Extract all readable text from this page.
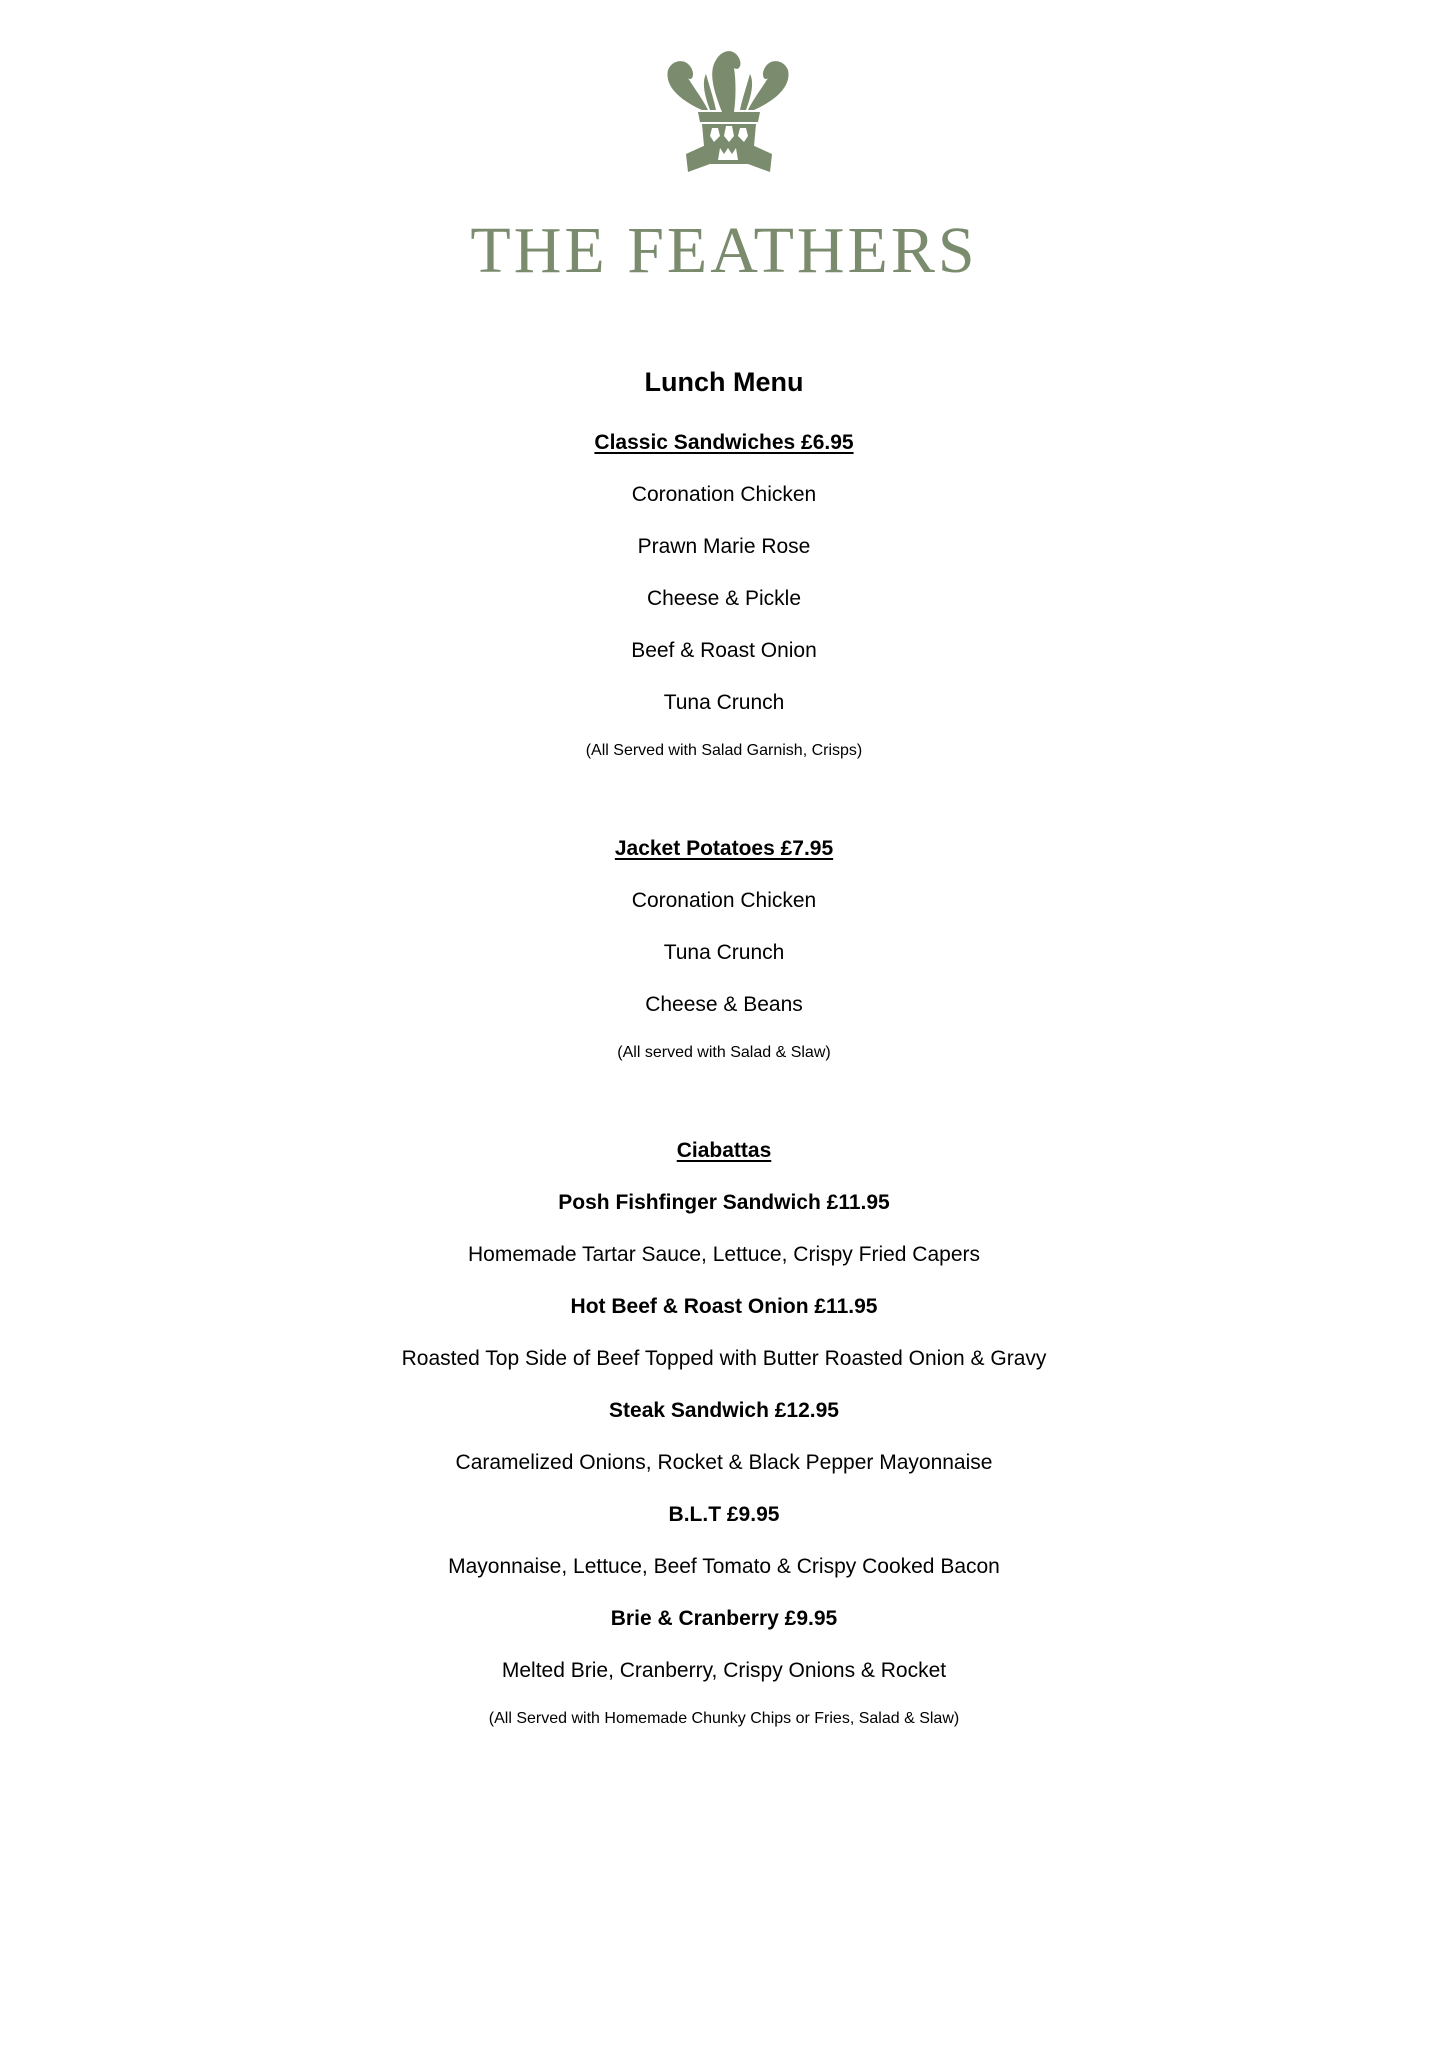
THE FEATHERS
Lunch Menu
Classic Sandwiches £6.95
Coronation Chicken
Prawn Marie Rose
Cheese & Pickle
Beef & Roast Onion
Tuna Crunch
(All Served with Salad Garnish, Crisps)
Jacket Potatoes £7.95
Coronation Chicken
Tuna Crunch
Cheese & Beans
(All served with Salad & Slaw)
Ciabattas
Posh Fishfinger Sandwich £11.95
Homemade Tartar Sauce, Lettuce, Crispy Fried Capers
Hot Beef & Roast Onion £11.95
Roasted Top Side of Beef Topped with Butter Roasted Onion & Gravy
Steak Sandwich £12.95
Caramelized Onions, Rocket & Black Pepper Mayonnaise
B.L.T £9.95
Mayonnaise, Lettuce, Beef Tomato & Crispy Cooked Bacon
Brie & Cranberry £9.95
Melted Brie, Cranberry, Crispy Onions & Rocket
(All Served with Homemade Chunky Chips or Fries, Salad & Slaw)
